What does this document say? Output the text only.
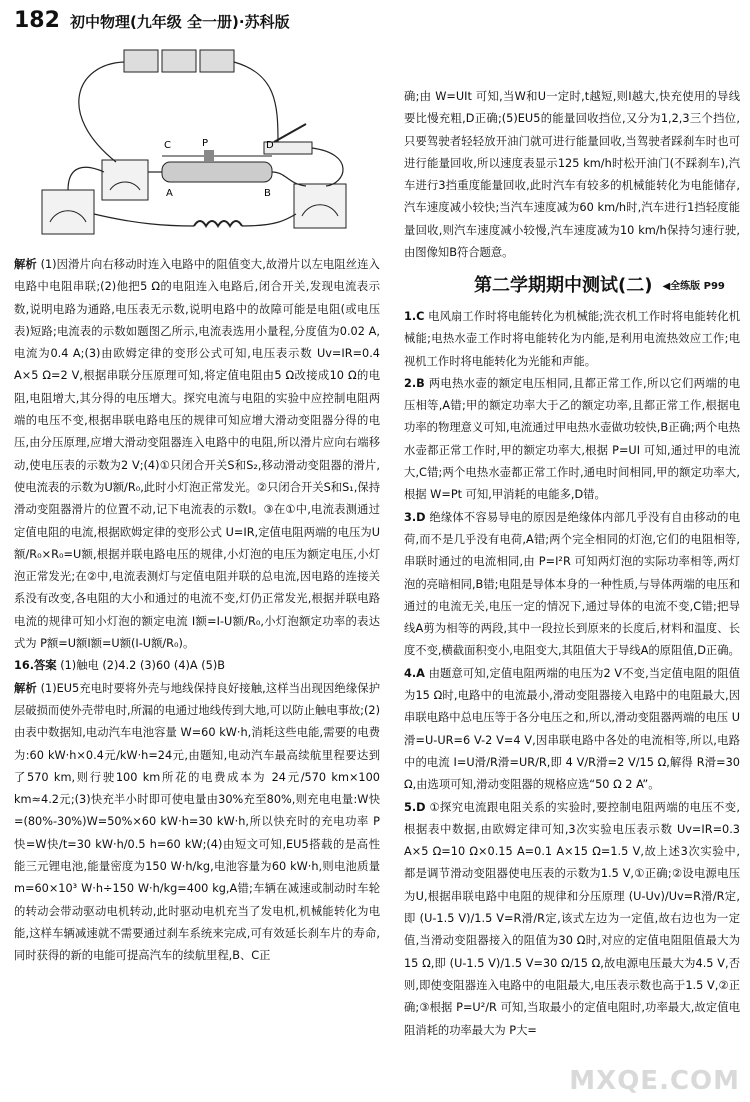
182 初中物理(九年级 全一册)·苏科版
C	P	D
A	B

解析 (1)因滑片向右移动时连入电路中的阻值变大,故滑片以左电阻丝连入电路中电阻串联;(2)他把5 Ω的电阻连入电路后,闭合开关,发现电流表示数,说明电路为通路,电压表无示数,说明电路中的故障可能是电阻(或电压表)短路;电流表的示数如题图乙所示,电流表选用小量程,分度值为0.02 A,电流为0.4 A;(3)由欧姆定律的变形公式可知,电压表示数 Uv=IR=0.4 A×5 Ω=2 V,根据串联分压原理可知,将定值电阻由5 Ω改接成10 Ω的电阻,电阻增大,其分得的电压增大。探究电流与电阻的实验中应控制电阻两端的电压不变,根据串联电路电压的规律可知应增大滑动变阻器分得的电压,由分压原理,应增大滑动变阻器连入电路中的电阻,所以滑片应向右端移动,使电压表的示数为2 V;(4)①只闭合开关S和S₂,移动滑动变阻器的滑片,使电流表的示数为U额/R₀,此时小灯泡正常发光。②只闭合开关S和S₁,保持滑动变阻器滑片的位置不动,记下电流表的示数I。③在①中,电流表测通过定值电阻的电流,根据欧姆定律的变形公式 U=IR,定值电阻两端的电压为U额/R₀×R₀=U额,根据并联电路电压的规律,小灯泡的电压为额定电压,小灯泡正常发光;在②中,电流表测灯与定值电阻并联的总电流,因电路的连接关系没有改变,各电阻的大小和通过的电流不变,灯仍正常发光,根据并联电路电流的规律可知小灯泡的额定电流 I额=I-U额/R₀,小灯泡额定功率的表达式为 P额=U额I额=U额(I-U额/R₀)。

16.答案 (1)触电 (2)4.2 (3)60 (4)A (5)B

解析 (1)EU5充电时要将外壳与地线保持良好接触,这样当出现因绝缘保护层破损而使外壳带电时,所漏的电通过地线传到大地,可以防止触电事故;(2)由表中数据知,电动汽车电池容量 W=60 kW·h,消耗这些电能,需要的电费为:60 kW·h×0.4元/kW·h=24元,由题知,电动汽车最高续航里程要达到了570 km,则行驶100 km所花的电费成本为 24元/570 km×100 km≈4.2元;(3)快充半小时即可使电量由30%充至80%,则充电电量:W快=(80%-30%)W=50%×60 kW·h=30 kW·h,所以快充时的充电功率 P快=W快/t=30 kW·h/0.5 h=60 kW;(4)由短文可知,EU5搭载的是高性能三元锂电池,能量密度为150 W·h/kg,电池容量为60 kW·h,则电池质量 m=60×10³ W·h÷150 W·h/kg=400 kg,A错;车辆在减速或制动时车轮的转动会带动驱动电机转动,此时驱动电机充当了发电机,机械能转化为电能,这样车辆减速就不需要通过刹车系统来完成,可有效延长刹车片的寿命,同时获得的新的电能可提高汽车的续航里程,B、C正

确;由 W=UIt 可知,当W和U一定时,t越短,则I越大,快充使用的导线要比慢充粗,D正确;(5)EU5的能量回收挡位,又分为1,2,3三个挡位,只要驾驶者轻轻放开油门就可进行能量回收,当驾驶者踩刹车时也可进行能量回收,所以速度表显示125 km/h时松开油门(不踩刹车),汽车进行3挡重度能量回收,此时汽车有较多的机械能转化为电能储存,汽车速度减小较快;当汽车速度减为60 km/h时,汽车进行1挡轻度能量回收,则汽车速度减小较慢,汽车速度减为10 km/h保持匀速行驶,由图像知B符合题意。

第二学期期中测试(二) ◀全练版 P99

1.C 电风扇工作时将电能转化为机械能;洗衣机工作时将电能转化机械能;电热水壶工作时将电能转化为内能,是利用电流热效应工作;电视机工作时将电能转化为光能和声能。

2.B 两电热水壶的额定电压相同,且都正常工作,所以它们两端的电压相等,A错;甲的额定功率大于乙的额定功率,且都正常工作,根据电功率的物理意义可知,电流通过甲电热水壶做功较快,B正确;两个电热水壶都正常工作时,甲的额定功率大,根据 P=UI 可知,通过甲的电流大,C错;两个电热水壶都正常工作时,通电时间相同,甲的额定功率大,根据 W=Pt 可知,甲消耗的电能多,D错。

3.D 绝缘体不容易导电的原因是绝缘体内部几乎没有自由移动的电荷,而不是几乎没有电荷,A错;两个完全相同的灯泡,它们的电阻相等,串联时通过的电流相同,由 P=I²R 可知两灯泡的实际功率相等,两灯泡的亮暗相同,B错;电阻是导体本身的一种性质,与导体两端的电压和通过的电流无关,电压一定的情况下,通过导体的电流不变,C错;把导线A剪为相等的两段,其中一段拉长到原来的长度后,材料和温度、长度不变,横截面积变小,电阻变大,其阻值大于导线A的原阻值,D正确。

4.A 由题意可知,定值电阻两端的电压为2 V不变,当定值电阻的阻值为15 Ω时,电路中的电流最小,滑动变阻器接入电路中的电阻最大,因串联电路中总电压等于各分电压之和,所以,滑动变阻器两端的电压 U滑=U-UR=6 V-2 V=4 V,因串联电路中各处的电流相等,所以,电路中的电流 I=U滑/R滑=UR/R,即 4 V/R滑=2 V/15 Ω,解得 R滑=30 Ω,由选项可知,滑动变阻器的规格应选“50 Ω 2 A”。

5.D ①探究电流跟电阻关系的实验时,要控制电阻两端的电压不变,根据表中数据,由欧姆定律可知,3次实验电压表示数 Uv=IR=0.3 A×5 Ω=10 Ω×0.15 A=0.1 A×15 Ω=1.5 V,故上述3次实验中,都是调节滑动变阻器使电压表的示数为1.5 V,①正确;②设电源电压为U,根据串联电路中电阻的规律和分压原理 (U-Uv)/Uv=R滑/R定,即 (U-1.5 V)/1.5 V=R滑/R定,该式左边为一定值,故右边也为一定值,当滑动变阻器接入的阻值为30 Ω时,对应的定值电阻阻值最大为15 Ω,即 (U-1.5 V)/1.5 V=30 Ω/15 Ω,故电源电压最大为4.5 V,否则,即使变阻器连入电路中的电阻最大,电压表示数也高于1.5 V,②正确;③根据 P=U²/R 可知,当取最小的定值电阻时,功率最大,故定值电阻消耗的功率最大为 P大=

MXQE.COM
